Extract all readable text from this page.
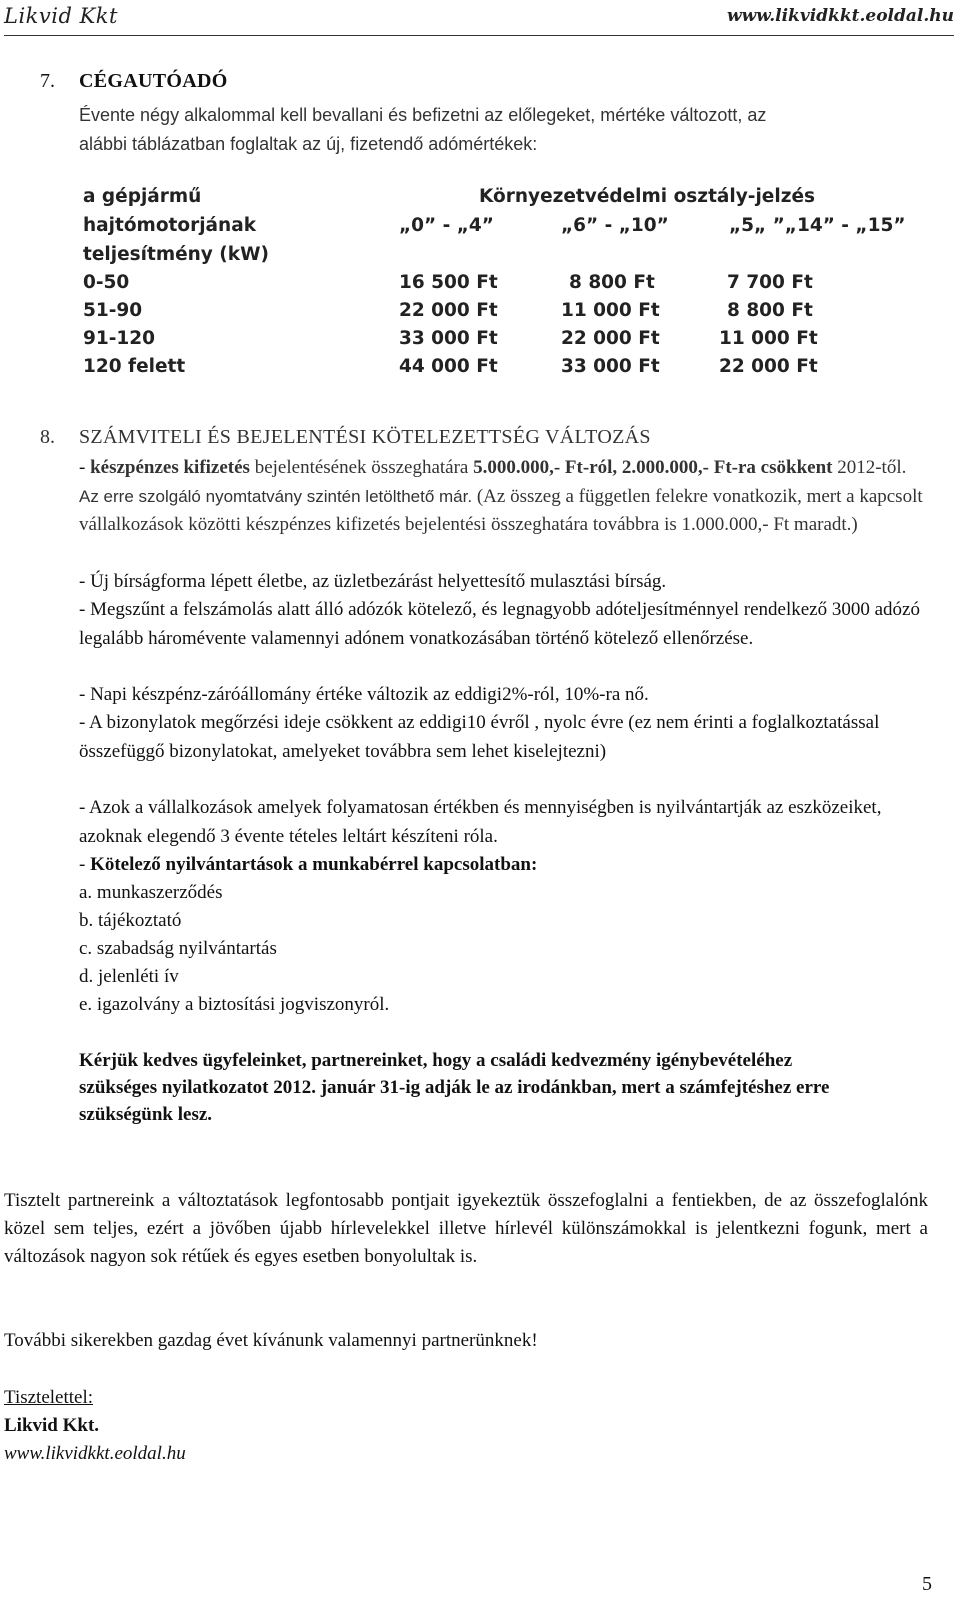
Likvid Kkt	www.likvidkkt.eoldal.hu
7. CÉGAUTÓADÓ
Évente négy alkalommal kell bevallani és befizetni az előlegeket, mértéke változott, az
alábbi táblázatban foglaltak az új, fizetendő adómértékek:
a gépjármű
hajtómotorjának
teljesítmény (kW)
Környezetvédelmi osztály-jelzés
„0” - „4”	„6” - „10”	„5„ ”„14” - „15”
0-50	16 500 Ft	8 800 Ft	7 700 Ft
51-90	22 000 Ft	11 000 Ft	8 800 Ft
91-120	33 000 Ft	22 000 Ft	11 000 Ft
120 felett	44 000 Ft	33 000 Ft	22 000 Ft
8. SZÁMVITELI ÉS BEJELENTÉSI KÖTELEZETTSÉG VÁLTOZÁS
- készpénzes kifizetés bejelentésének összeghatára 5.000.000,- Ft-ról, 2.000.000,- Ft-ra csökkent 2012-től. Az erre szolgáló nyomtatvány szintén letölthető már. (Az összeg a független felekre vonatkozik, mert a kapcsolt vállalkozások közötti készpénzes kifizetés bejelentési összeghatára továbbra is 1.000.000,- Ft maradt.)
- Új bírságforma lépett életbe, az üzletbezárást helyettesítő mulasztási bírság.
- Megszűnt a felszámolás alatt álló adózók kötelező, és legnagyobb adóteljesítménnyel rendelkező 3000 adózó legalább háromévente valamennyi adónem vonatkozásában történő kötelező ellenőrzése.
- Napi készpénz-záróállomány értéke változik az eddigi2%-ról, 10%-ra nő.
- A bizonylatok megőrzési ideje csökkent az eddigi10 évről , nyolc évre (ez nem érinti a foglalkoztatással összefüggő bizonylatokat, amelyeket továbbra sem lehet kiselejtezni)
- Azok a vállalkozások amelyek folyamatosan értékben és mennyiségben is nyilvántartják az eszközeiket, azoknak elegendő 3 évente tételes leltárt készíteni róla.
- Kötelező nyilvántartások a munkabérrel kapcsolatban:
a. munkaszerződés
b. tájékoztató
c. szabadság nyilvántartás
d. jelenléti ív
e. igazolvány a biztosítási jogviszonyról.
Kérjük kedves ügyfeleinket, partnereinket, hogy a családi kedvezmény igénybevételéhez szükséges nyilatkozatot 2012. január 31-ig adják le az irodánkban, mert a számfejtéshez erre szükségünk lesz.
Tisztelt partnereink a változtatások legfontosabb pontjait igyekeztük összefoglalni a fentiekben, de az összefoglalónk közel sem teljes, ezért a jövőben újabb hírlevelekkel illetve hírlevél különszámokkal is jelentkezni fogunk, mert a változások nagyon sok rétűek és egyes esetben bonyolultak is.
További sikerekben gazdag évet kívánunk valamennyi partnerünknek!
Tisztelettel:
Likvid Kkt.
www.likvidkkt.eoldal.hu
5
